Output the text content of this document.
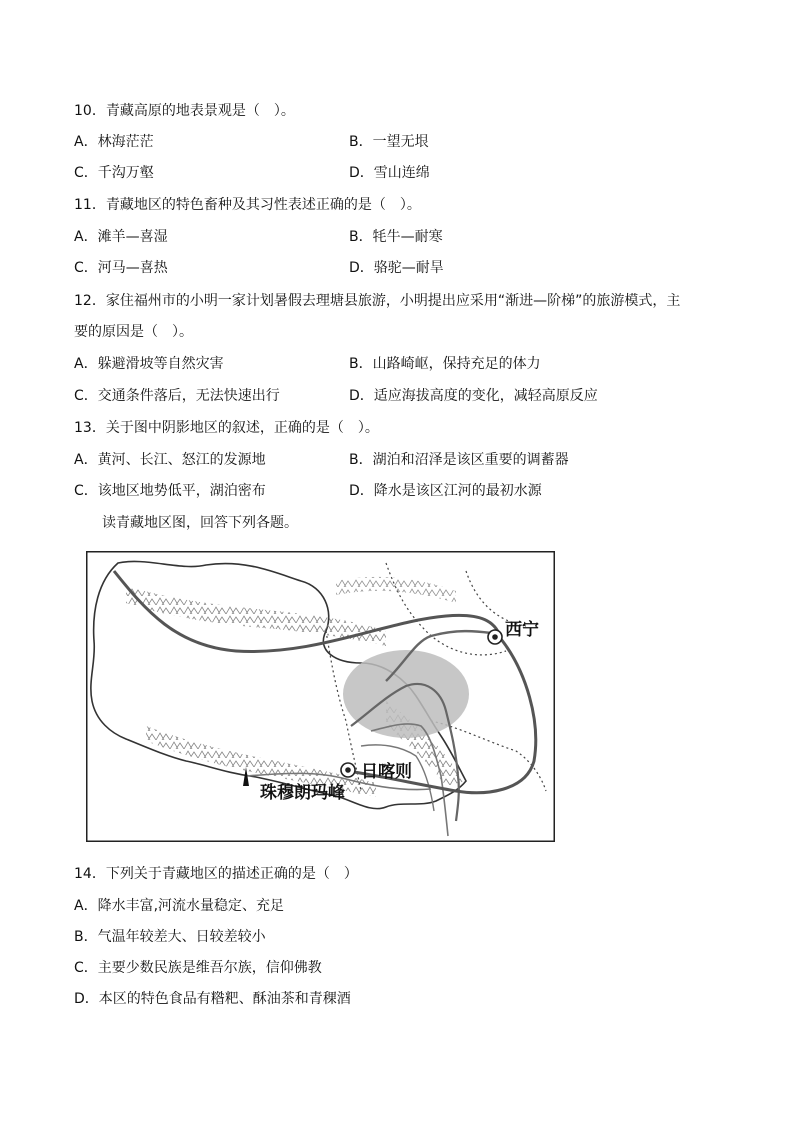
10．青藏高原的地表景观是（　）。
A．林海茫茫	B．一望无垠
C．千沟万壑	D．雪山连绵
11．青藏地区的特色畜种及其习性表述正确的是（　）。
A．滩羊—喜湿	B．牦牛—耐寒
C．河马—喜热	D．骆驼—耐旱
12．家住福州市的小明一家计划暑假去理塘县旅游，小明提出应采用“渐进—阶梯”的旅游模式，主
要的原因是（　）。
A．躲避滑坡等自然灾害	B．山路崎岖，保持充足的体力
C．交通条件落后，无法快速出行	D．适应海拔高度的变化，减轻高原反应
13．关于图中阴影地区的叙述，正确的是（　）。
A．黄河、长江、怒江的发源地	B．湖泊和沼泽是该区重要的调蓄器
C．该地区地势低平，湖泊密布	D．降水是该区江河的最初水源
读青藏地区图，回答下列各题。
西宁
日喀则
珠穆朗玛峰
14．下列关于青藏地区的描述正确的是（　）
A．降水丰富,河流水量稳定、充足
B．气温年较差大、日较差较小
C．主要少数民族是维吾尔族，信仰佛教
D．本区的特色食品有糌粑、酥油茶和青稞酒
